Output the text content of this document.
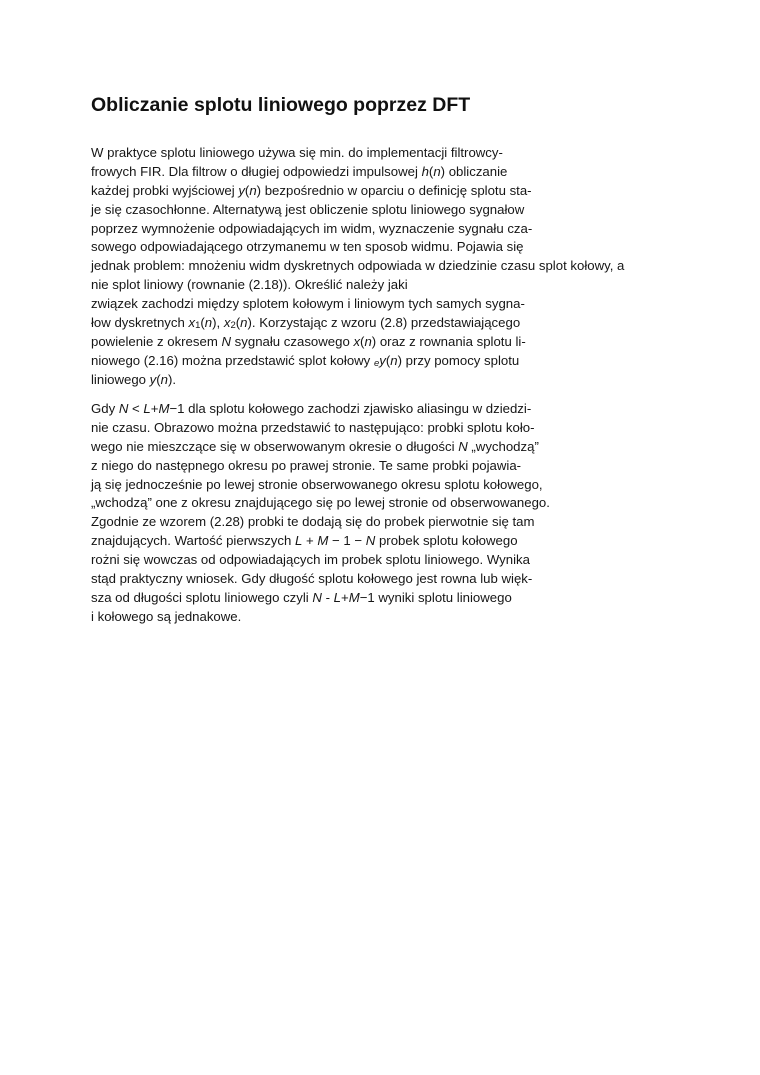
Obliczanie splotu liniowego poprzez DFT
W praktyce splotu liniowego używa się min. do implementacji filtrowcy-
frowych FIR. Dla filtrow o długiej odpowiedzi impulsowej h(n) obliczanie
każdej probki wyjściowej y(n) bezpośrednio w oparciu o definicję splotu sta-
je się czasochłonne. Alternatywą jest obliczenie splotu liniowego sygnałow
poprzez wymnożenie odpowiadających im widm, wyznaczenie sygnału cza-
sowego odpowiadającego otrzymanemu w ten sposob widmu. Pojawia się
jednak problem: mnożeniu widm dyskretnych odpowiada w dziedzinie czasu splot kołowy, a
nie splot liniowy (rownanie (2.18)). Określić należy jaki
związek zachodzi między splotem kołowym i liniowym tych samych sygna-
łow dyskretnych x1(n), x2(n). Korzystając z wzoru (2.8) przedstawiającego
powielenie z okresem N sygnału czasowego x(n) oraz z rownania splotu li-
niowego (2.16) można przedstawić splot kołowy ey(n) przy pomocy splotu
liniowego y(n).
Gdy N < L+M−1 dla splotu kołowego zachodzi zjawisko aliasingu w dziedzi-
nie czasu. Obrazowo można przedstawić to następująco: probki splotu koło-
wego nie mieszczące się w obserwowanym okresie o długości N „wychodzą”
z niego do następnego okresu po prawej stronie. Te same probki pojawia-
ją się jednocześnie po lewej stronie obserwowanego okresu splotu kołowego,
„wchodzą” one z okresu znajdującego się po lewej stronie od obserwowanego.
Zgodnie ze wzorem (2.28) probki te dodają się do probek pierwotnie się tam
znajdujących. Wartość pierwszych L + M − 1 − N probek splotu kołowego
rożni się wowczas od odpowiadających im probek splotu liniowego. Wynika
stąd praktyczny wniosek. Gdy długość splotu kołowego jest rowna lub więk-
sza od długości splotu liniowego czyli N - L+M−1 wyniki splotu liniowego
i kołowego są jednakowe.
